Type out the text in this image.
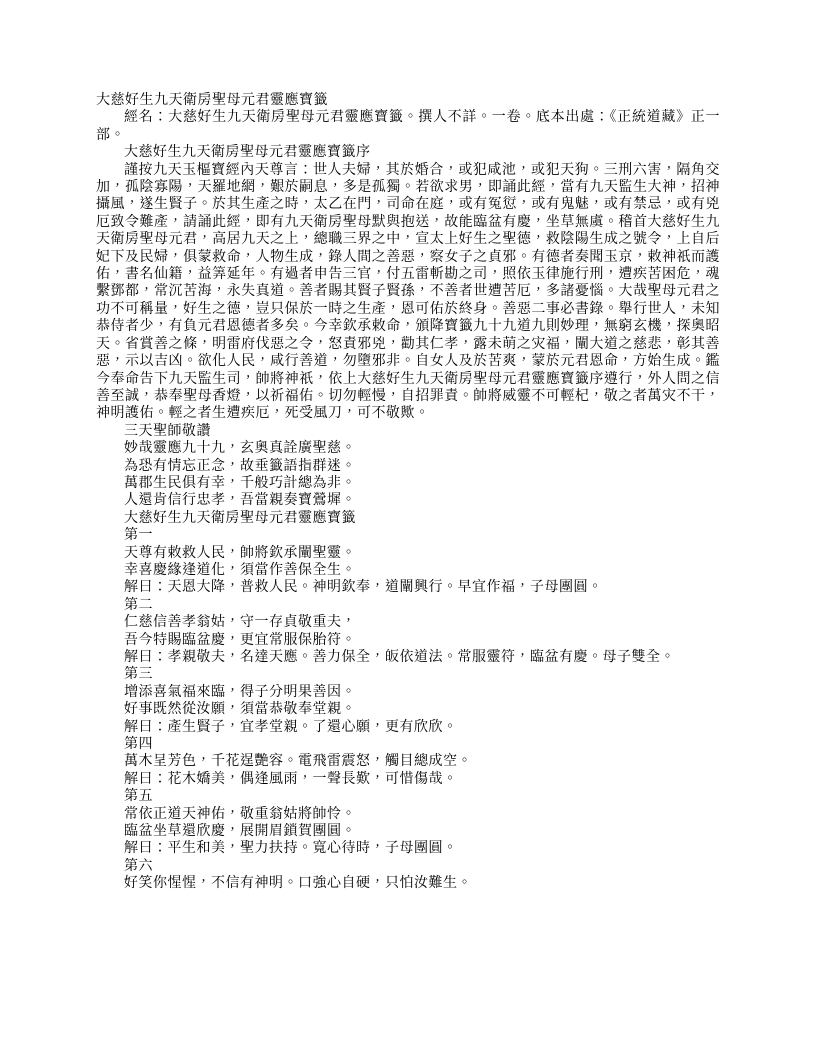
大慈好生九天衛房聖母元君靈應寶籤

經名：大慈好生九天衛房聖母元君靈應寶籤。撰人不詳。一卷。底本出處：《正統道藏》正一部。

大慈好生九天衛房聖母元君靈應寶籤序

謹按九天玉樞寶經內天尊言：世人夫婦，其於婚合，或犯咸池，或犯天狗。三刑六害，隔角交加，孤陰寡陽，天羅地網，艱於嗣息，多是孤獨。若欲求男，即誦此經，當有九天監生大神，招神攝風，遂生賢子。於其生產之時，太乙在門，司命在庭，或有冤愆，或有鬼魅，或有禁忌，或有兇厄致令難產，請誦此經，即有九天衛房聖母默與抱送，故能臨盆有慶，坐草無虞。稽首大慈好生九天衛房聖母元君，高居九天之上，總職三界之中，宣太上好生之聖德，救陰陽生成之號令，上自后妃下及民婦，俱蒙救命，人物生成，錄人間之善惡，察女子之貞邪。有德者奏聞玉京，敕神祇而護佑，書名仙籍，益筭延年。有過者申告三官，付五雷斬勘之司，照依玉律施行刑，遭疾苦困危，魂繫鄧都，常沉苦海，永失真道。善者賜其賢子賢孫，不善者世遭苦厄，多諸憂惱。大哉聖母元君之功不可稱量，好生之德，豈只保於一時之生產，恩可佑於終身。善惡二事必書錄。舉行世人，未知恭侍者少，有負元君恩德者多矣。今幸欽承敕命，頒降寶籤九十九道九則妙理，無窮玄機，探奧昭天。省賞善之條，明雷府伐惡之令，怒責邪兇，勸其仁孝，露未萌之灾福，闡大道之慈悲，彰其善惡，示以吉凶。欲化人民，咸行善道，勿墮邪非。自女人及於苦爽，蒙於元君恩命，方始生成。鑑今奉命告下九天監生司，帥將神祇，依上大慈好生九天衛房聖母元君靈應寶籤序遵行，外人問之信善至誠，恭奉聖母香燈，以祈福佑。切勿輕慢，自招罪責。帥將威靈不可輕杞，敬之者萬灾不干，神明護佑。輕之者生遭疾厄，死受風刀，可不敬歟。

三天聖師敬讚

妙哉靈應九十九，玄奧真詮廣聖慈。

為恐有情忘正念，故垂籤語指群迷。

萬郡生民俱有幸，千般巧計總為非。

人還肯信行忠孝，吾當親奏寶鶯墀。

大慈好生九天衛房聖母元君靈應寶籤

第一

天尊有敕救人民，帥將欽承闡聖靈。

幸喜慶緣逢道化，須當作善保全生。

解曰：天恩大降，普救人民。神明欽奉，道闡興行。早宜作福，子母團圓。

第二

仁慈信善孝翁姑，守一存貞敬重夫，

吾今特賜臨盆慶，更宜常服保胎符。

解曰：孝親敬夫，名達天應。善力保全，皈依道法。常服靈符，臨盆有慶。母子雙全。

第三

增添喜氣福來臨，得子分明果善因。

好事既然從汝願，須當恭敬奉堂親。

解曰：產生賢子，宜孝堂親。了還心願，更有欣欣。

第四

萬木呈芳色，千花逞艷容。電飛雷震怒，觸目總成空。

解曰：花木嬌美，偶逢風雨，一聲長歎，可惜傷哉。

第五

常依正道天神佑，敬重翁姑將帥怜。

臨盆坐草還欣慶，展開眉鎖賀團圓。

解曰：平生和美，聖力扶持。寬心待時，子母團圓。

第六

好笑你惺惺，不信有神明。口強心自硬，只怕汝難生。
